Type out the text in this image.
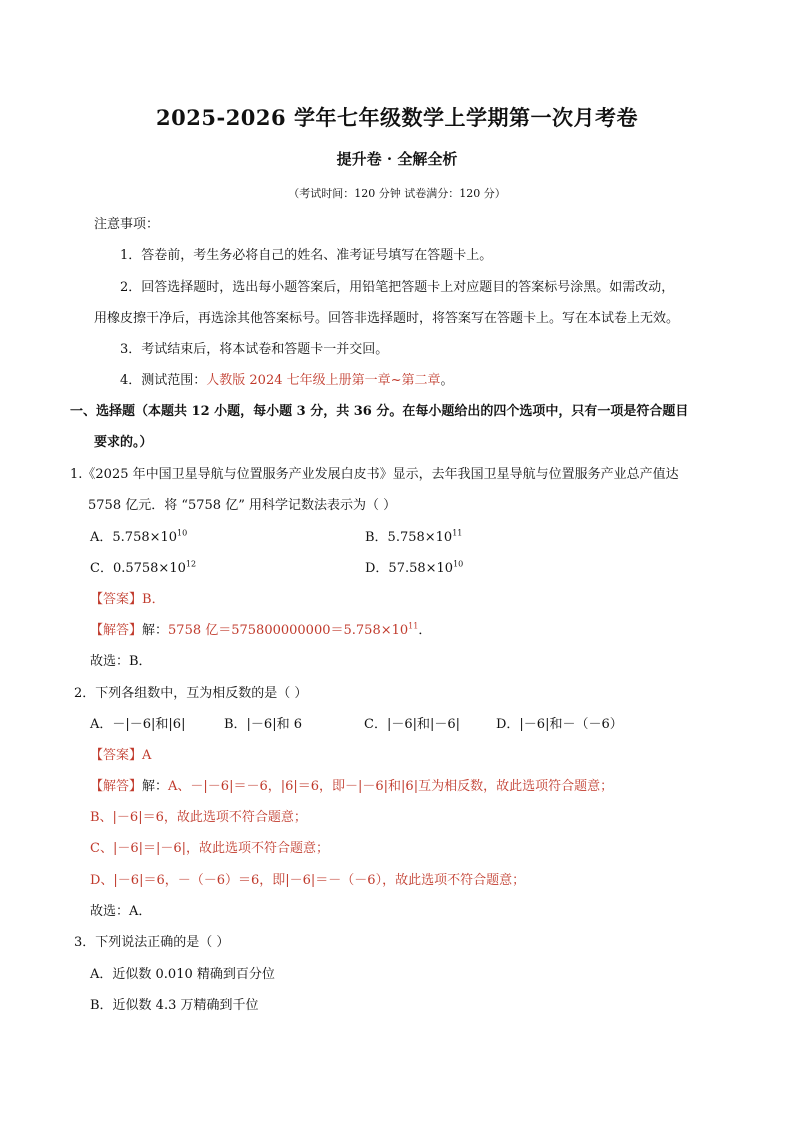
2025-2026 学年七年级数学上学期第一次月考卷
提升卷 · 全解全析
（考试时间：120 分钟 试卷满分：120 分）
注意事项：
1．答卷前，考生务必将自己的姓名、准考证号填写在答题卡上。
2．回答选择题时，选出每小题答案后，用铅笔把答题卡上对应题目的答案标号涂黑。如需改动，
用橡皮擦干净后，再选涂其他答案标号。回答非选择题时，将答案写在答题卡上。写在本试卷上无效。
3．考试结束后，将本试卷和答题卡一并交回。
4．测试范围：人教版 2024 七年级上册第一章~第二章。
一、选择题（本题共 12 小题，每小题 3 分，共 36 分。在每小题给出的四个选项中，只有一项是符合题目
要求的。）
1.《2025 年中国卫星导航与位置服务产业发展白皮书》显示，去年我国卫星导航与位置服务产业总产值达
5758 亿元．将 “5758 亿” 用科学记数法表示为（ ）
A．$5.758\times 10^{10}$	B．$5.758\times 10^{11}$
C．$0.5758\times 10^{12}$	D．$57.58\times 10^{10}$
【答案】B．
【解答】解：5758 亿$=575800000000=5.758\times 10^{11}$．
故选：B．
2．下列各组数中，互为相反数的是（ ）
A．－|－6|和|6|	B．|－6|和 6	C．|－6|和|－6|	D．|－6|和－（－6）
【答案】A
【解答】解：A、－|－6|＝－6，|6|＝6，即－|－6|和|6|互为相反数，故此选项符合题意；
B、|－6|＝6，故此选项不符合题意；
C、|－6|＝|－6|，故此选项不符合题意；
D、|－6|＝6，－（－6）＝6，即|－6|＝－（－6），故此选项不符合题意；
故选：A．
3．下列说法正确的是（ ）
A．近似数 0.010 精确到百分位
B．近似数 4.3 万精确到千位
